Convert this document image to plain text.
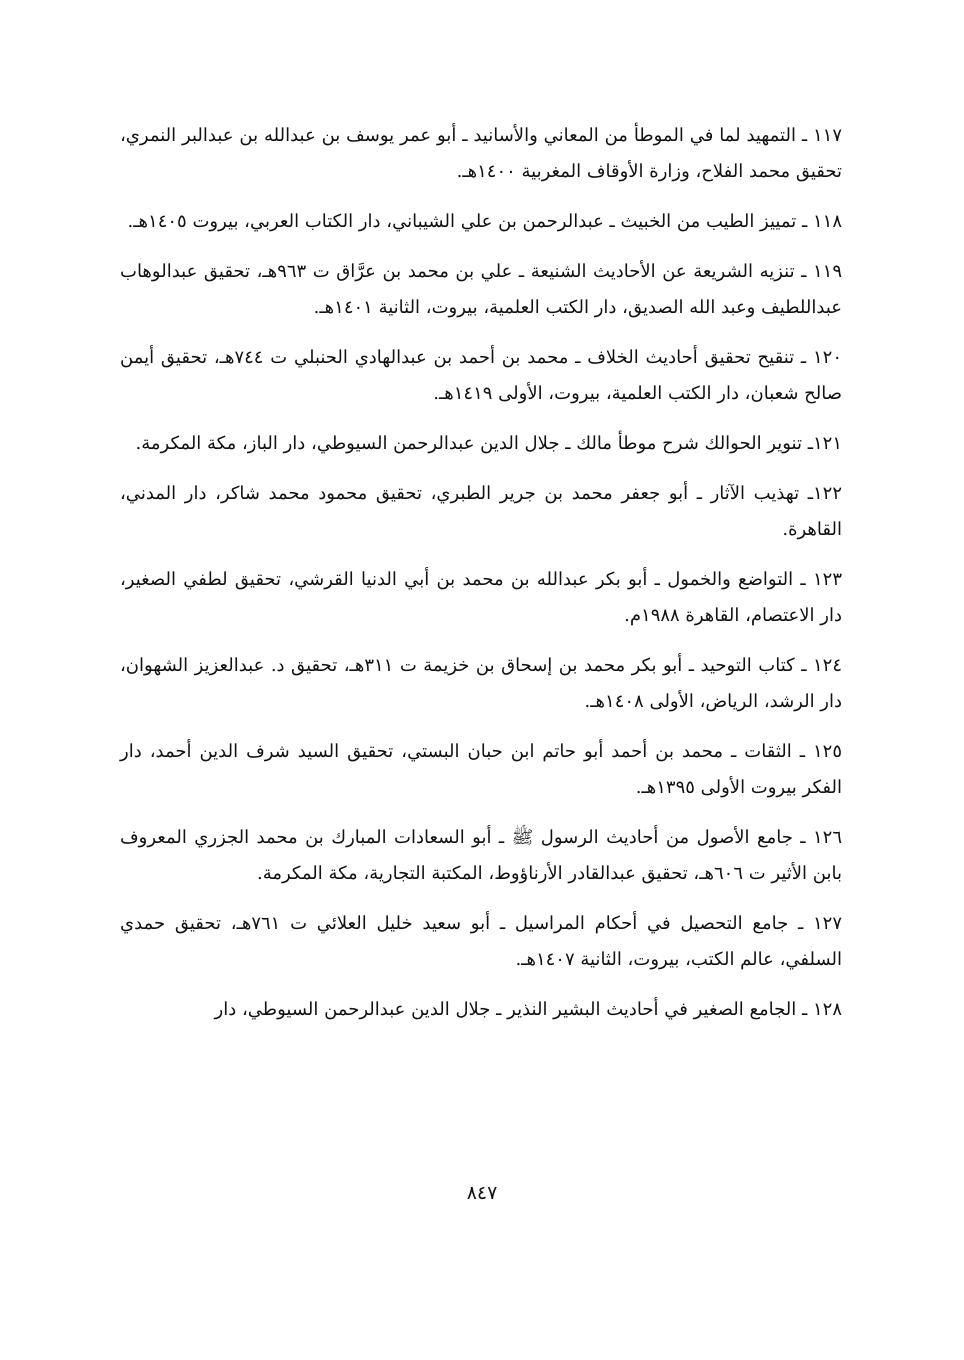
١١٧ ـ التمهيد لما في الموطأ من المعاني والأسانيد ـ أبو عمر يوسف بن عبدالله بن عبدالبر النمري، تحقيق محمد الفلاح، وزارة الأوقاف المغربية ١٤٠٠هـ.

١١٨ ـ تمييز الطيب من الخبيث ـ عبدالرحمن بن علي الشيباني، دار الكتاب العربي، بيروت ١٤٠٥هـ.

١١٩ ـ تنزيه الشريعة عن الأحاديث الشنيعة ـ علي بن محمد بن عرَّاق ت ٩٦٣هـ، تحقيق عبدالوهاب عبداللطيف وعبد الله الصديق، دار الكتب العلمية، بيروت، الثانية ١٤٠١هـ.

١٢٠ ـ تنقيح تحقيق أحاديث الخلاف ـ محمد بن أحمد بن عبدالهادي الحنبلي ت ٧٤٤هـ، تحقيق أيمن صالح شعبان، دار الكتب العلمية، بيروت، الأولى ١٤١٩هـ.

١٢١ـ تنوير الحوالك شرح موطأ مالك ـ جلال الدين عبدالرحمن السيوطي، دار الباز، مكة المكرمة.

١٢٢ـ تهذيب الآثار ـ أبو جعفر محمد بن جرير الطبري، تحقيق محمود محمد شاكر، دار المدني، القاهرة.

١٢٣ ـ التواضع والخمول ـ أبو بكر عبدالله بن محمد بن أبي الدنيا القرشي، تحقيق لطفي الصغير، دار الاعتصام، القاهرة ١٩٨٨م.

١٢٤ ـ كتاب التوحيد ـ أبو بكر محمد بن إسحاق بن خزيمة ت ٣١١هـ، تحقيق د. عبدالعزيز الشهوان، دار الرشد، الرياض، الأولى ١٤٠٨هـ.

١٢٥ ـ الثقات ـ محمد بن أحمد أبو حاتم ابن حبان البستي، تحقيق السيد شرف الدين أحمد، دار الفكر بيروت الأولى ١٣٩٥هـ.

١٢٦ ـ جامع الأصول من أحاديث الرسول ﷺ ـ أبو السعادات المبارك بن محمد الجزري المعروف بابن الأثير ت ٦٠٦هـ، تحقيق عبدالقادر الأرناؤوط، المكتبة التجارية، مكة المكرمة.

١٢٧ ـ جامع التحصيل في أحكام المراسيل ـ أبو سعيد خليل العلائي ت ٧٦١هـ، تحقيق حمدي السلفي، عالم الكتب، بيروت، الثانية ١٤٠٧هـ.

١٢٨ ـ الجامع الصغير في أحاديث البشير النذير ـ جلال الدين عبدالرحمن السيوطي، دار

٨٤٧
